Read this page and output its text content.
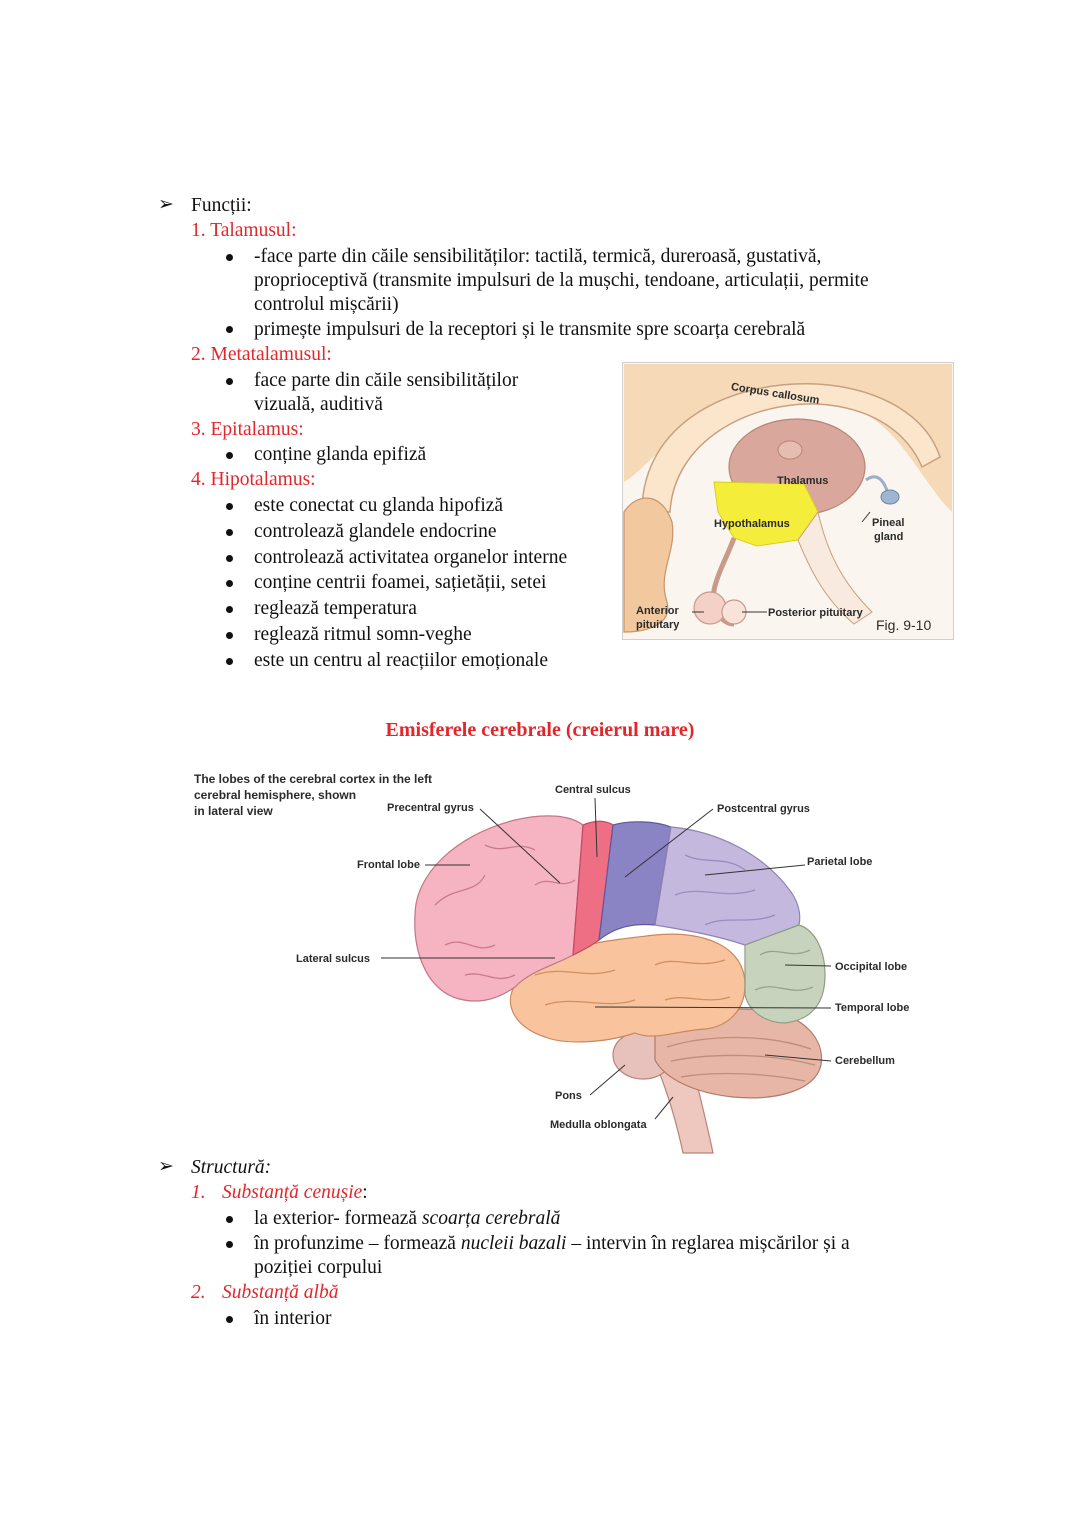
➢ Funcții:
1. Talamusul:
-face parte din căile sensibilităților: tactilă, termică, dureroasă, gustativă,
proprioceptivă (transmite impulsuri de la mușchi, tendoane, articulații, permite
controlul mișcării)
primește impulsuri de la receptori și le transmite spre scoarța cerebrală
2. Metatalamusul:
face parte din căile sensibilităților
vizuală, auditivă
3. Epitalamus:
conține glanda epifiză
4. Hipotalamus:
este conectat cu glanda hipofiză
controlează glandele endocrine
controlează activitatea organelor interne
conține centrii foamei, sațietății, setei
reglează temperatura
reglează ritmul somn-veghe
este un centru al reacțiilor emoționale
Corpus callosum
Thalamus
Hypothalamus	Pineal
gland
Anterior
pituitary
Posterior pituitary
Fig. 9-10
Emisferele cerebrale (creierul mare)
The lobes of the cerebral cortex in the left
cerebral hemisphere, shown
in lateral view
Central sulcus
Precentral gyrus	Postcentral gyrus
Frontal lobe	Parietal lobe
Lateral sulcus
Occipital lobe
Temporal lobe
Cerebellum
Pons
Medulla oblongata
➢ Structură:
1. Substanță cenușie:
la exterior- formează scoarța cerebrală
în profunzime – formează nucleii bazali – intervin în reglarea mișcărilor și a
poziției corpului
2. Substanță albă
în interior
